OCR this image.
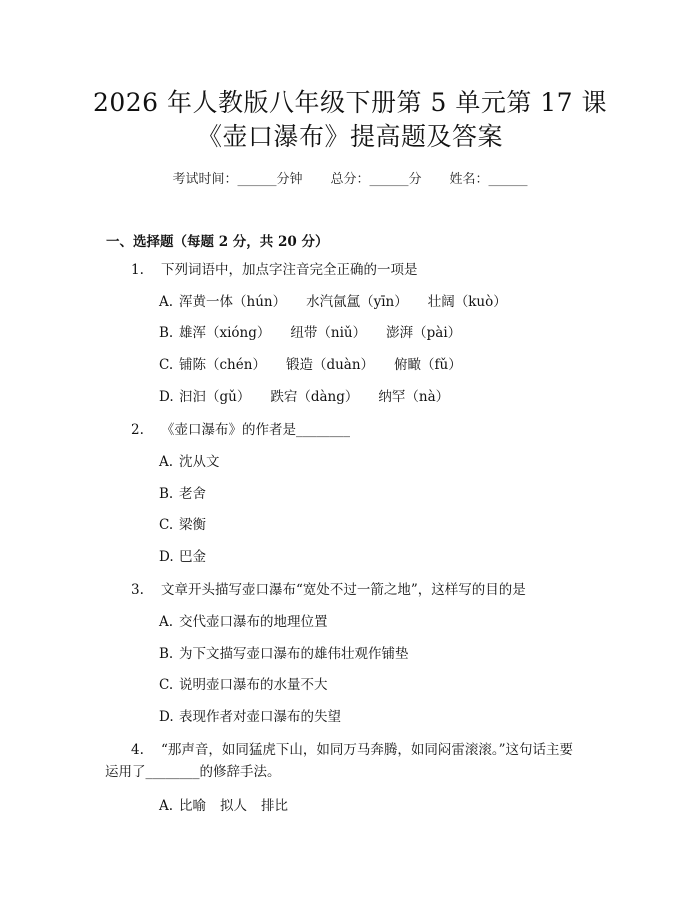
2026 年人教版八年级下册第 5 单元第 17 课
《壶口瀑布》提高题及答案
考试时间：______分钟 总分：______分 姓名：______
一、选择题（每题 2 分，共 20 分）
1. 下列词语中，加点字注音完全正确的一项是
A. 浑黄一体（hún） 水汽氤氲（yīn） 壮阔（kuò）
B. 雄浑（xióng） 纽带（niǔ） 澎湃（pài）
C. 铺陈（chén） 锻造（duàn） 俯瞰（fǔ）
D. 汩汩（gǔ） 跌宕（dàng） 纳罕（nà）
2. 《壶口瀑布》的作者是________
A. 沈从文
B. 老舍
C. 梁衡
D. 巴金
3. 文章开头描写壶口瀑布“宽处不过一箭之地”，这样写的目的是
A. 交代壶口瀑布的地理位置
B. 为下文描写壶口瀑布的雄伟壮观作铺垫
C. 说明壶口瀑布的水量不大
D. 表现作者对壶口瀑布的失望
4. “那声音，如同猛虎下山，如同万马奔腾，如同闷雷滚滚。”这句话主要
运用了________的修辞手法。
A. 比喻 拟人 排比
